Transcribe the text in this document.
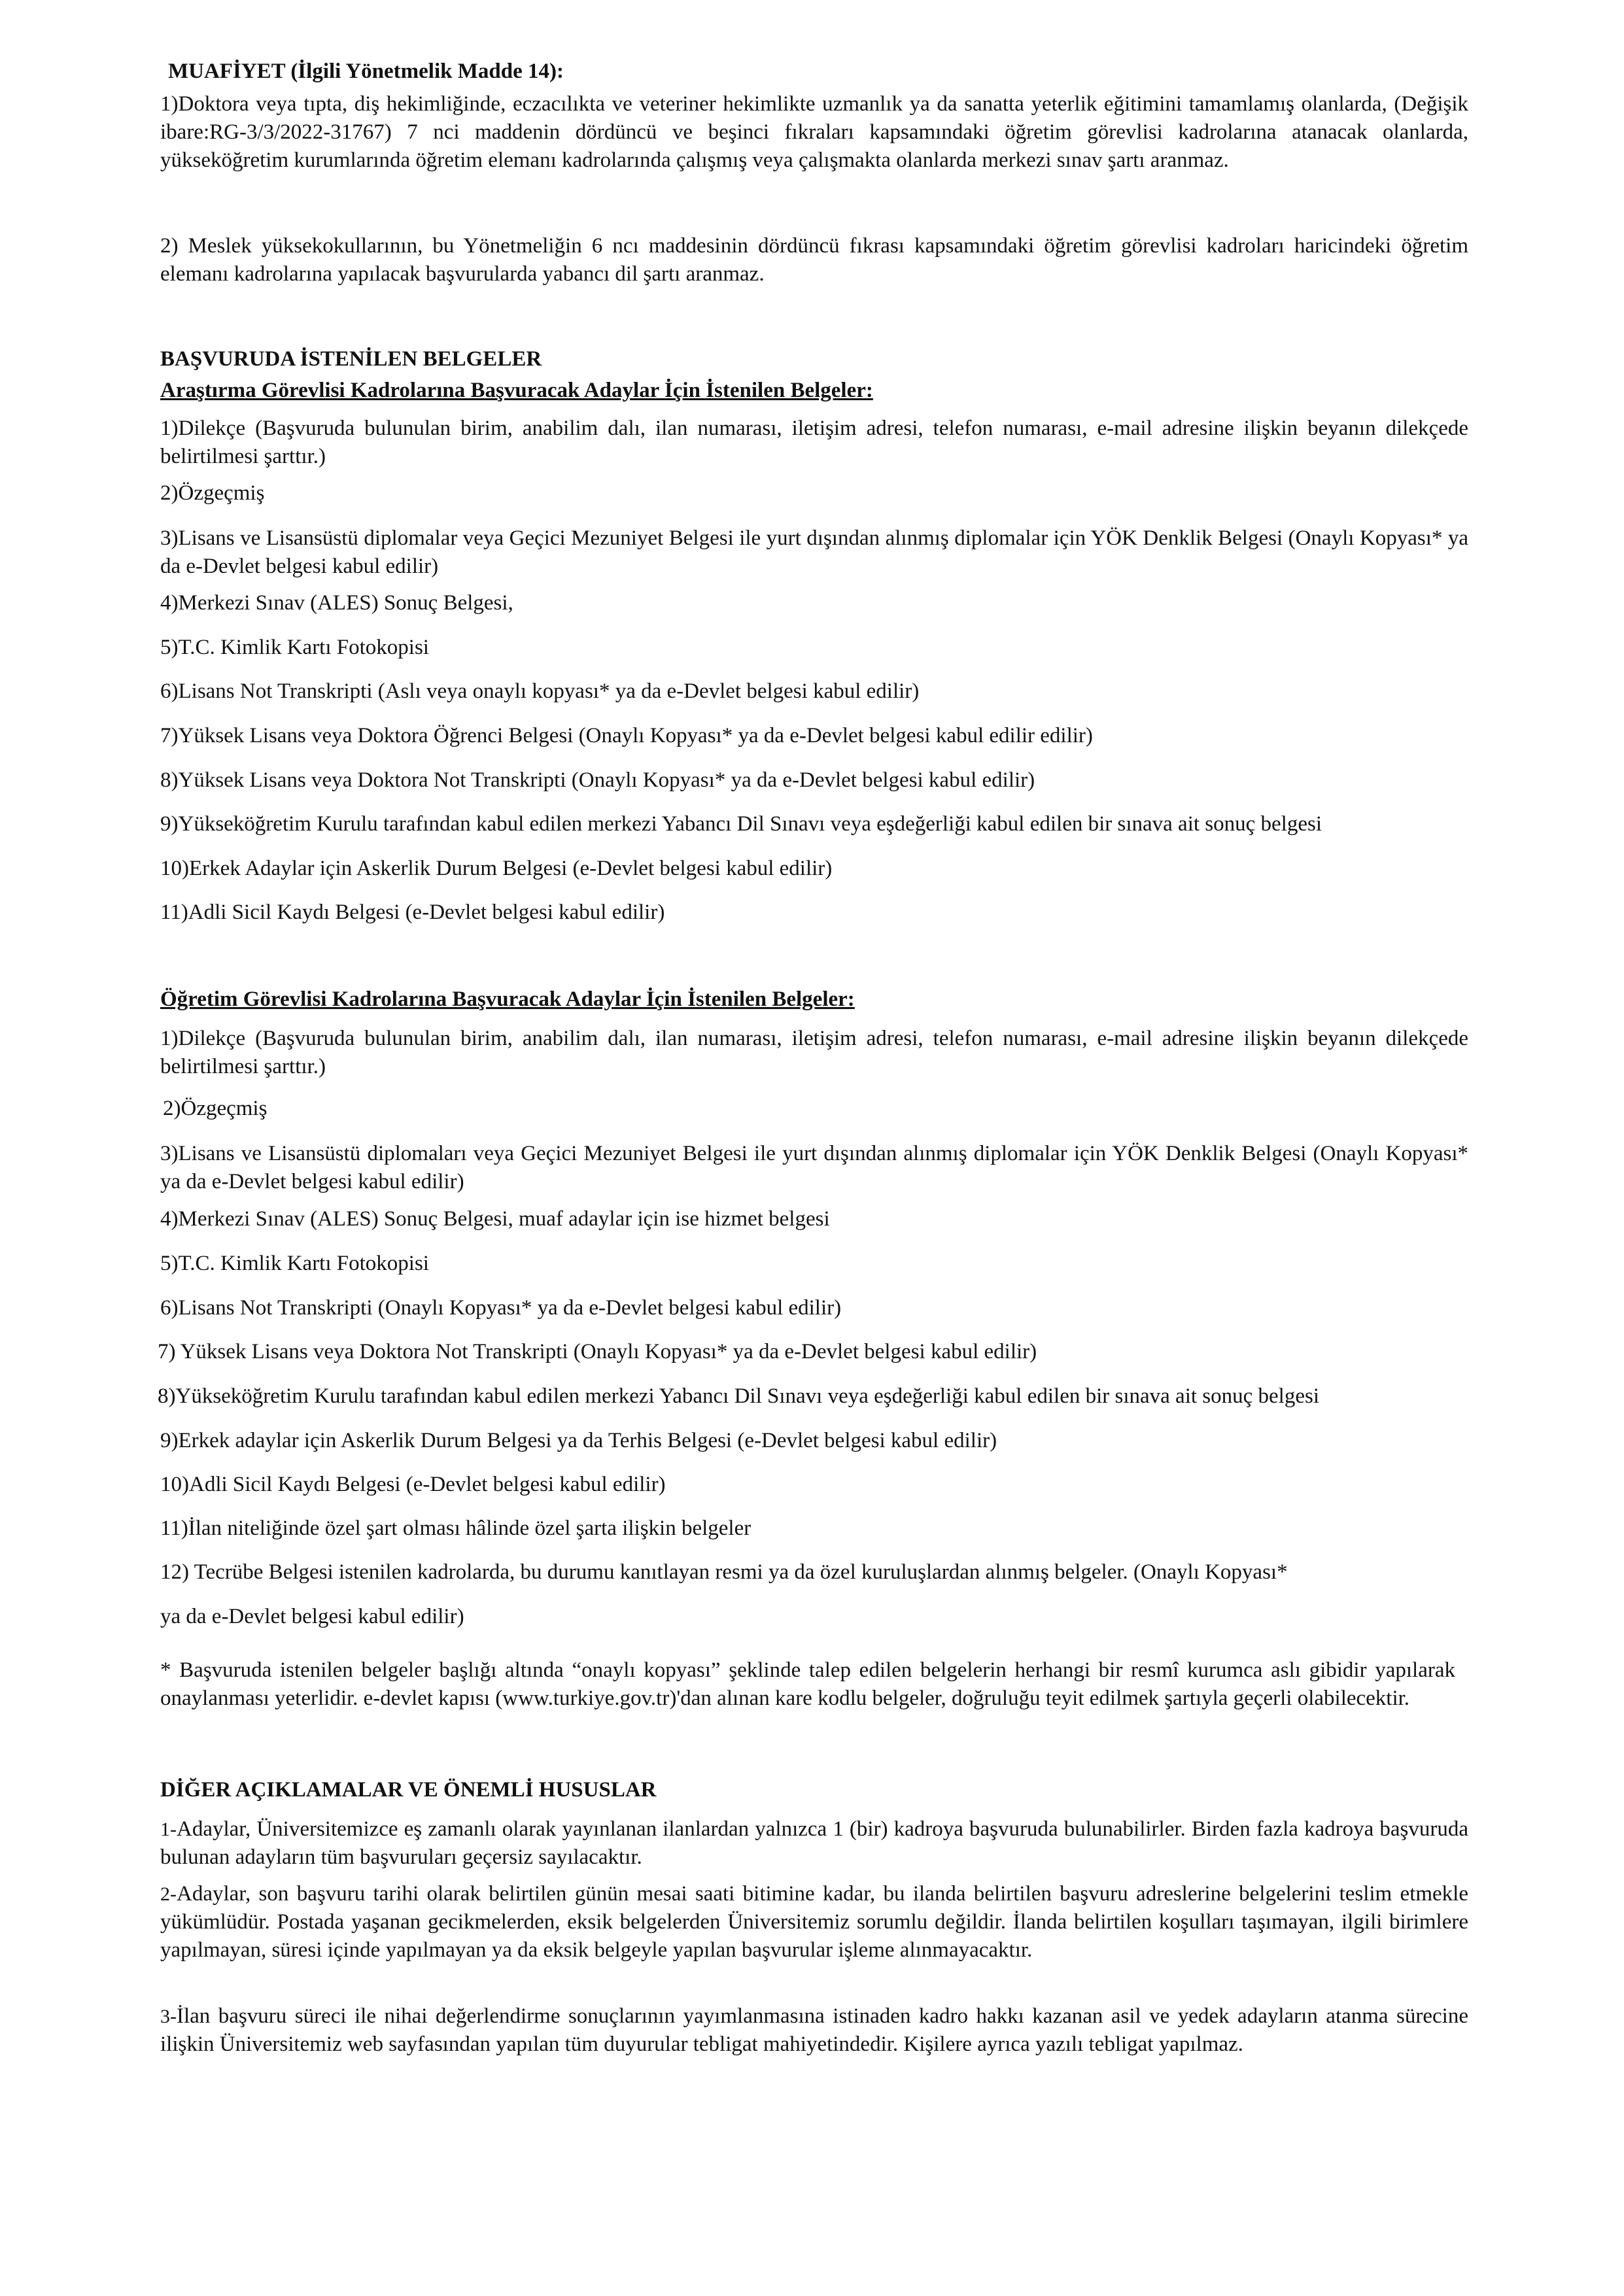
MUAFİYET (İlgili Yönetmelik Madde 14):

1)Doktora veya tıpta, diş hekimliğinde, eczacılıkta ve veteriner hekimlikte uzmanlık ya da sanatta yeterlik eğitimini tamamlamış olanlarda, (Değişik ibare:RG-3/3/2022-31767) 7 nci maddenin dördüncü ve beşinci fıkraları kapsamındaki öğretim görevlisi kadrolarına atanacak olanlarda, yükseköğretim kurumlarında öğretim elemanı kadrolarında çalışmış veya çalışmakta olanlarda merkezi sınav şartı aranmaz.

2) Meslek yüksekokullarının, bu Yönetmeliğin 6 ncı maddesinin dördüncü fıkrası kapsamındaki öğretim görevlisi kadroları haricindeki öğretim elemanı kadrolarına yapılacak başvurularda yabancı dil şartı aranmaz.

BAŞVURUDA İSTENİLEN BELGELER
Araştırma Görevlisi Kadrolarına Başvuracak Adaylar İçin İstenilen Belgeler:

1)Dilekçe (Başvuruda bulunulan birim, anabilim dalı, ilan numarası, iletişim adresi, telefon numarası, e-mail adresine ilişkin beyanın dilekçede belirtilmesi şarttır.)

2)Özgeçmiş

3)Lisans ve Lisansüstü diplomalar veya Geçici Mezuniyet Belgesi ile yurt dışından alınmış diplomalar için YÖK Denklik Belgesi (Onaylı Kopyası* ya da e-Devlet belgesi kabul edilir)

4)Merkezi Sınav (ALES) Sonuç Belgesi,

5)T.C. Kimlik Kartı Fotokopisi

6)Lisans Not Transkripti (Aslı veya onaylı kopyası* ya da e-Devlet belgesi kabul edilir)

7)Yüksek Lisans veya Doktora Öğrenci Belgesi (Onaylı Kopyası* ya da e-Devlet belgesi kabul edilir edilir)

8)Yüksek Lisans veya Doktora Not Transkripti (Onaylı Kopyası* ya da e-Devlet belgesi kabul edilir)

9)Yükseköğretim Kurulu tarafından kabul edilen merkezi Yabancı Dil Sınavı veya eşdeğerliği kabul edilen bir sınava ait sonuç belgesi

10)Erkek Adaylar için Askerlik Durum Belgesi (e-Devlet belgesi kabul edilir)

11)Adli Sicil Kaydı Belgesi (e-Devlet belgesi kabul edilir)

Öğretim Görevlisi Kadrolarına Başvuracak Adaylar İçin İstenilen Belgeler:

1)Dilekçe (Başvuruda bulunulan birim, anabilim dalı, ilan numarası, iletişim adresi, telefon numarası, e-mail adresine ilişkin beyanın dilekçede belirtilmesi şarttır.)

2)Özgeçmiş

3)Lisans ve Lisansüstü diplomaları veya Geçici Mezuniyet Belgesi ile yurt dışından alınmış diplomalar için YÖK Denklik Belgesi (Onaylı Kopyası* ya da e-Devlet belgesi kabul edilir)

4)Merkezi Sınav (ALES) Sonuç Belgesi, muaf adaylar için ise hizmet belgesi

5)T.C. Kimlik Kartı Fotokopisi

6)Lisans Not Transkripti (Onaylı Kopyası* ya da e-Devlet belgesi kabul edilir)

7) Yüksek Lisans veya Doktora Not Transkripti (Onaylı Kopyası* ya da e-Devlet belgesi kabul edilir)

8)Yükseköğretim Kurulu tarafından kabul edilen merkezi Yabancı Dil Sınavı veya eşdeğerliği kabul edilen bir sınava ait sonuç belgesi

9)Erkek adaylar için Askerlik Durum Belgesi ya da Terhis Belgesi (e-Devlet belgesi kabul edilir)

10)Adli Sicil Kaydı Belgesi (e-Devlet belgesi kabul edilir)

11)İlan niteliğinde özel şart olması hâlinde özel şarta ilişkin belgeler

12) Tecrübe Belgesi istenilen kadrolarda, bu durumu kanıtlayan resmi ya da özel kuruluşlardan alınmış belgeler. (Onaylı Kopyası*

ya da e-Devlet belgesi kabul edilir)

* Başvuruda istenilen belgeler başlığı altında “onaylı kopyası” şeklinde talep edilen belgelerin herhangi bir resmî kurumca aslı gibidir yapılarak onaylanması yeterlidir. e-devlet kapısı (www.turkiye.gov.tr)'dan alınan kare kodlu belgeler, doğruluğu teyit edilmek şartıyla geçerli olabilecektir.

DİĞER AÇIKLAMALAR VE ÖNEMLİ HUSUSLAR

1-Adaylar, Üniversitemizce eş zamanlı olarak yayınlanan ilanlardan yalnızca 1 (bir) kadroya başvuruda bulunabilirler. Birden fazla kadroya başvuruda bulunan adayların tüm başvuruları geçersiz sayılacaktır.

2-Adaylar, son başvuru tarihi olarak belirtilen günün mesai saati bitimine kadar, bu ilanda belirtilen başvuru adreslerine belgelerini teslim etmekle yükümlüdür. Postada yaşanan gecikmelerden, eksik belgelerden Üniversitemiz sorumlu değildir. İlanda belirtilen koşulları taşımayan, ilgili birimlere yapılmayan, süresi içinde yapılmayan ya da eksik belgeyle yapılan başvurular işleme alınmayacaktır.

3-İlan başvuru süreci ile nihai değerlendirme sonuçlarının yayımlanmasına istinaden kadro hakkı kazanan asil ve yedek adayların atanma sürecine ilişkin Üniversitemiz web sayfasından yapılan tüm duyurular tebligat mahiyetindedir. Kişilere ayrıca yazılı tebligat yapılmaz.
